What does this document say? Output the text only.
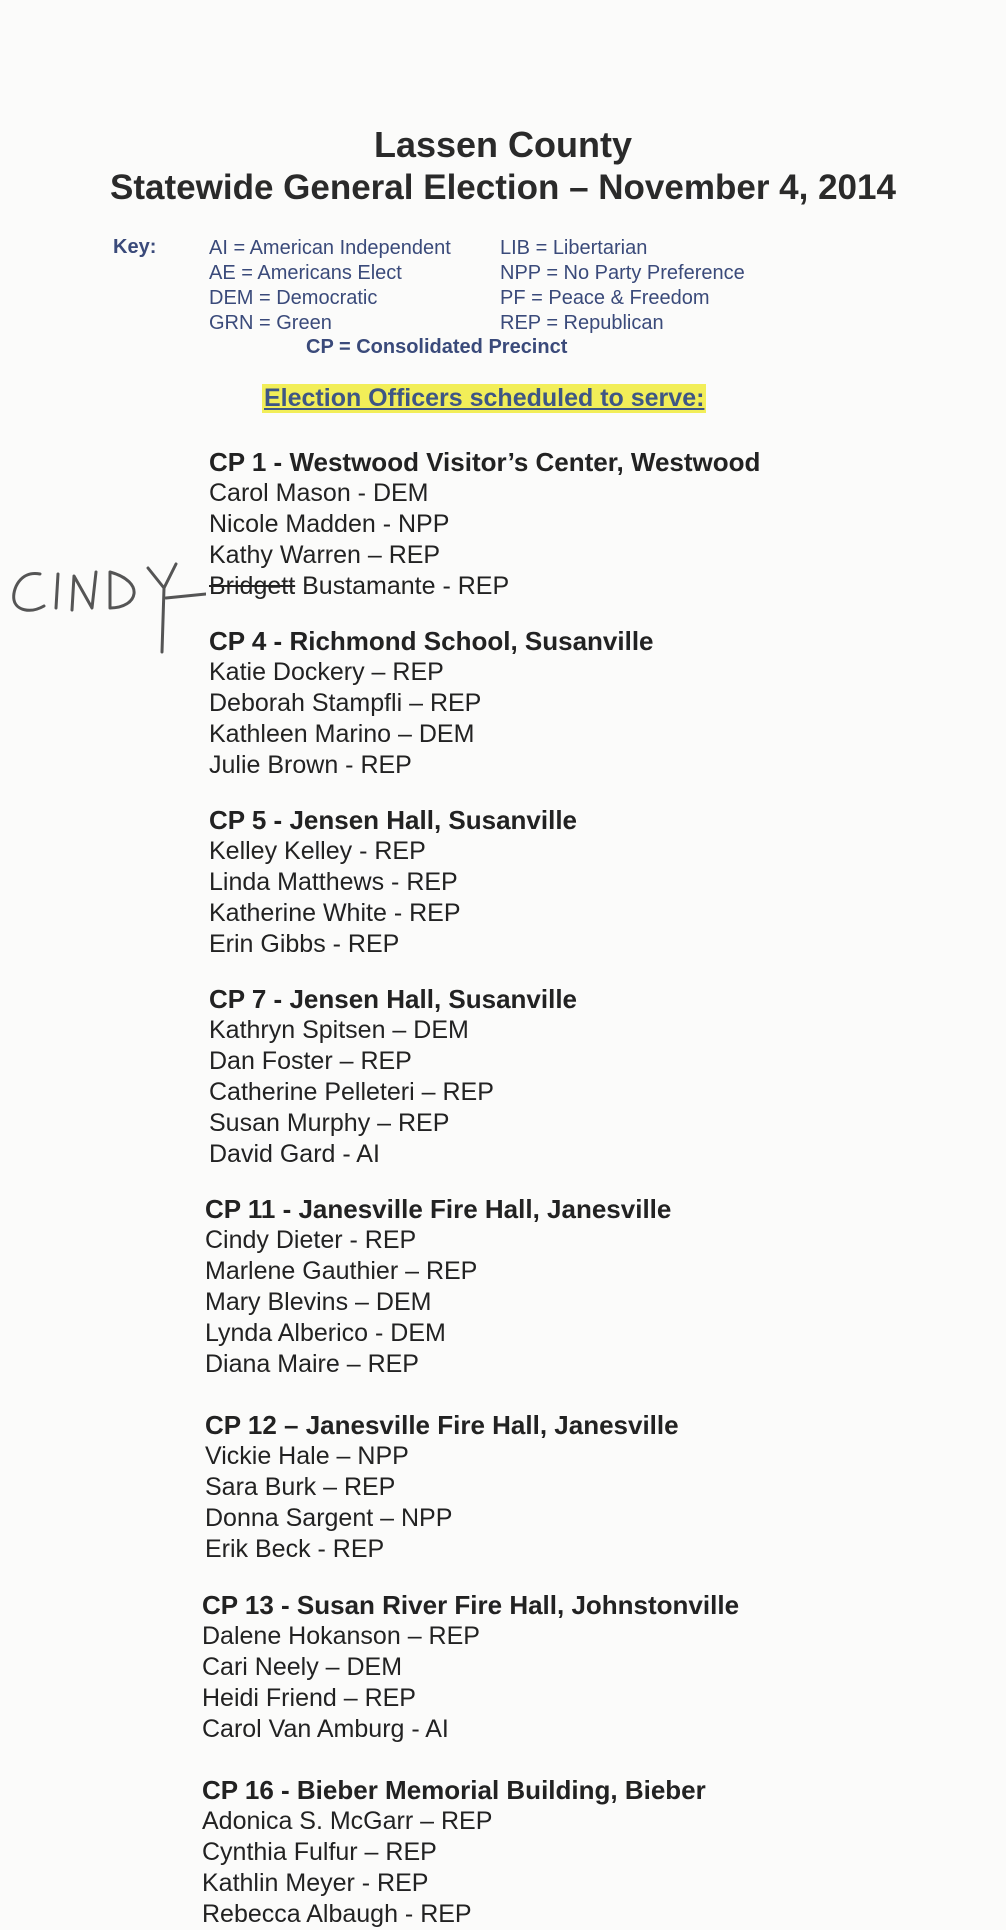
Lassen County
Statewide General Election – November 4, 2014
Key:	AI = American Independent
AE = Americans Elect
DEM = Democratic
GRN = Green
LIB = Libertarian
NPP = No Party Preference
PF = Peace & Freedom
REP = Republican
CP = Consolidated Precinct
Election Officers scheduled to serve:
CP 1 - Westwood Visitor’s Center, Westwood
Carol Mason - DEM
Nicole Madden - NPP
Kathy Warren – REP
Bridgett Bustamante - REP
CP 4 - Richmond School, Susanville
Katie Dockery – REP
Deborah Stampfli – REP
Kathleen Marino – DEM
Julie Brown - REP
CP 5 - Jensen Hall, Susanville
Kelley Kelley - REP
Linda Matthews - REP
Katherine White - REP
Erin Gibbs - REP
CP 7 - Jensen Hall, Susanville
Kathryn Spitsen – DEM
Dan Foster – REP
Catherine Pelleteri – REP
Susan Murphy – REP
David Gard - AI
CP 11 - Janesville Fire Hall, Janesville
Cindy Dieter - REP
Marlene Gauthier – REP
Mary Blevins – DEM
Lynda Alberico - DEM
Diana Maire – REP
CP 12 – Janesville Fire Hall, Janesville
Vickie Hale – NPP
Sara Burk – REP
Donna Sargent – NPP
Erik Beck - REP
CP 13 - Susan River Fire Hall, Johnstonville
Dalene Hokanson – REP
Cari Neely – DEM
Heidi Friend – REP
Carol Van Amburg - AI
CP 16 - Bieber Memorial Building, Bieber
Adonica S. McGarr – REP
Cynthia Fulfur – REP
Kathlin Meyer - REP
Rebecca Albaugh - REP
